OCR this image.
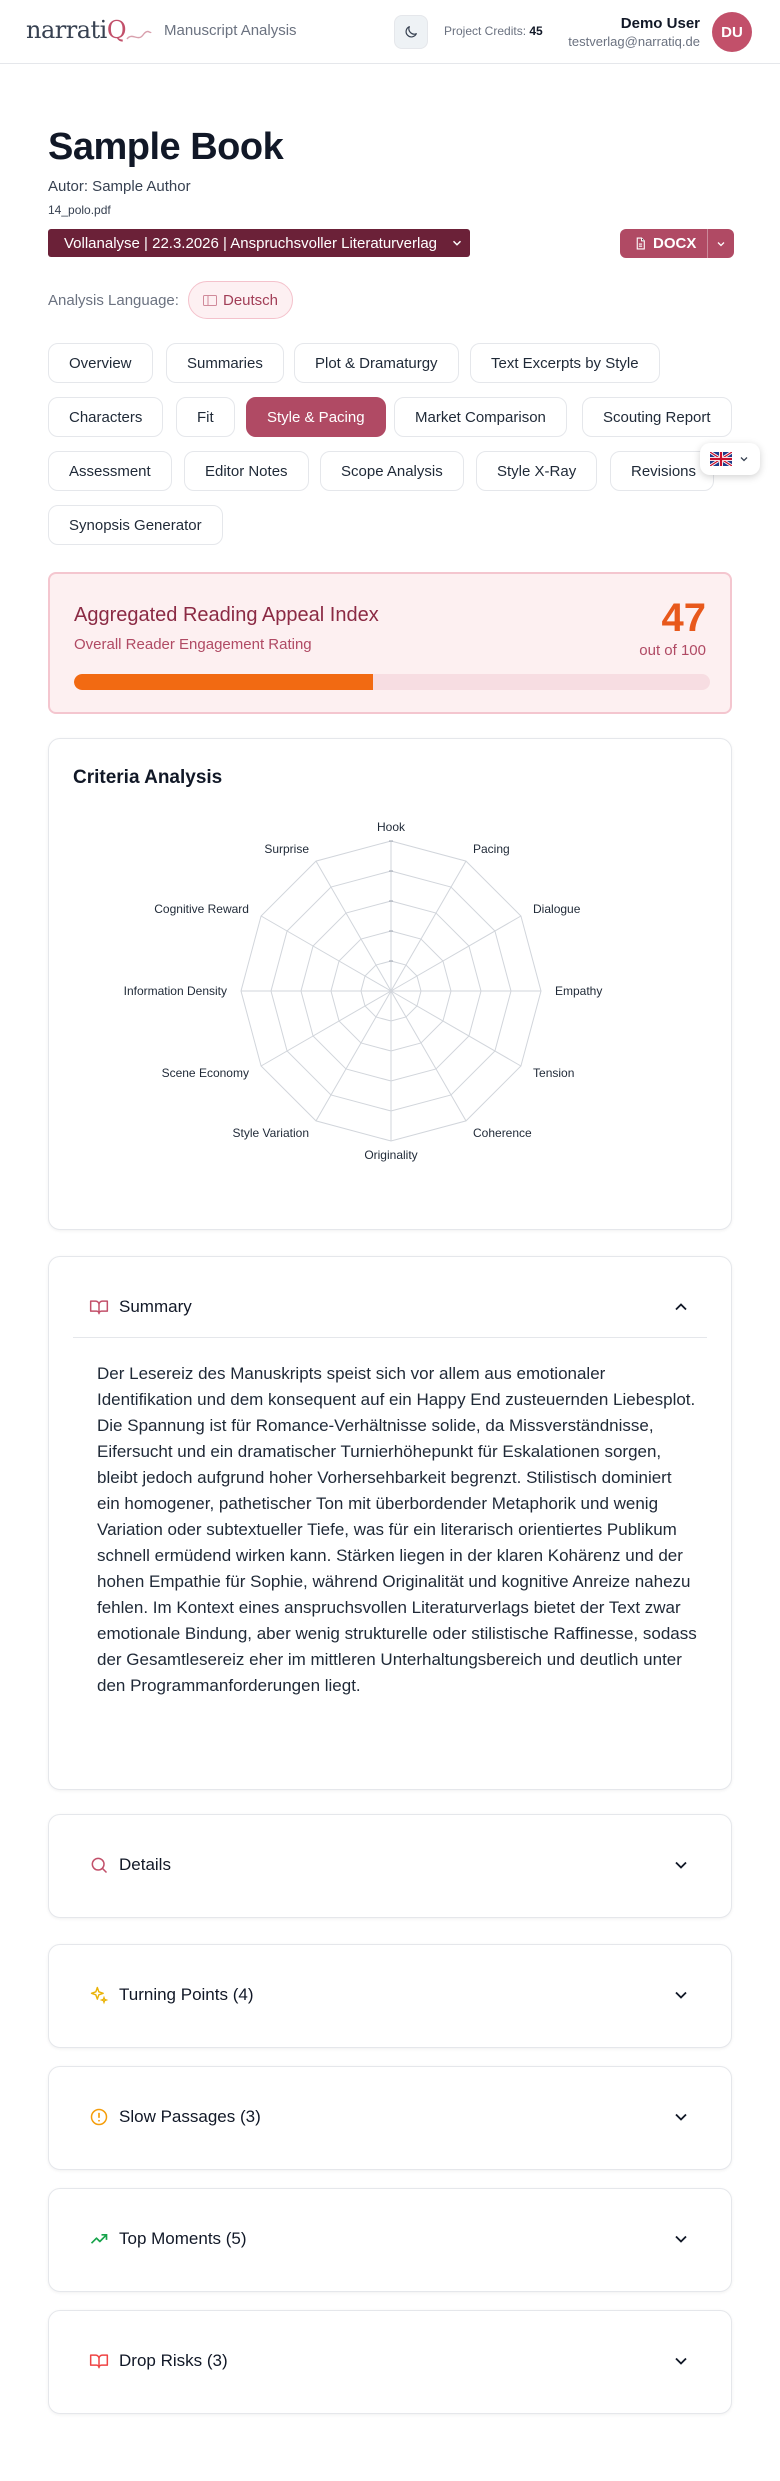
narratiQ	Manuscript Analysis	Project Credits: 45	Demo User
testverlag@narratiq.de
DU
Sample Book
Autor: Sample Author
14_polo.pdf
Vollanalyse | 22.3.2026 | Anspruchsvoller Literaturverlag	DOCX
Analysis Language:	Deutsch
Overview	Summaries	Plot & Dramaturgy	Text Excerpts by Style
Characters	Fit	Style & Pacing	Market Comparison	Scouting Report
Assessment	Editor Notes	Scope Analysis	Style X-Ray	Revisions
Synopsis Generator
Aggregated Reading Appeal Index
Overall Reader Engagement Rating
47
out of 100
Criteria Analysis
Hook
Pacing
Dialogue
Empathy
Tension
Coherence
Originality
Style Variation
Scene Economy
Information Density
Cognitive Reward
Surprise
Summary
Der Lesereiz des Manuskripts speist sich vor allem aus emotionaler Identifikation und dem konsequent auf ein Happy End zusteuernden Liebesplot. Die Spannung ist für Romance-Verhältnisse solide, da Missverständnisse, Eifersucht und ein dramatischer Turnierhöhepunkt für Eskalationen sorgen, bleibt jedoch aufgrund hoher Vorhersehbarkeit begrenzt. Stilistisch dominiert ein homogener, pathetischer Ton mit überbordender Metaphorik und wenig Variation oder subtextueller Tiefe, was für ein literarisch orientiertes Publikum schnell ermüdend wirken kann. Stärken liegen in der klaren Kohärenz und der hohen Empathie für Sophie, während Originalität und kognitive Anreize nahezu fehlen. Im Kontext eines anspruchsvollen Literaturverlags bietet der Text zwar emotionale Bindung, aber wenig strukturelle oder stilistische Raffinesse, sodass der Gesamtlesereiz eher im mittleren Unterhaltungsbereich und deutlich unter den Programmanforderungen liegt.
Details
Turning Points (4)
Slow Passages (3)
Top Moments (5)
Drop Risks (3)
